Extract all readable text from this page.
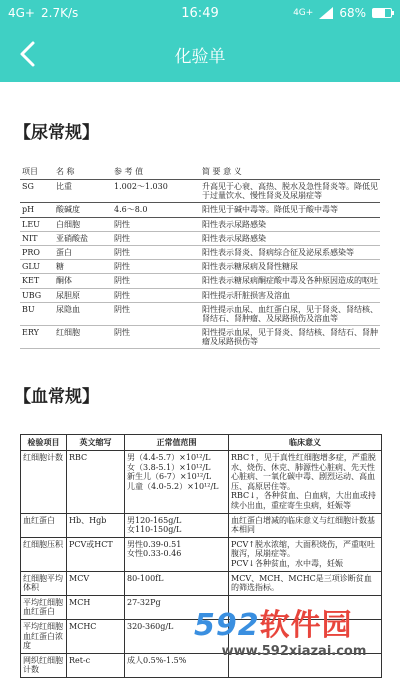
4G+ 2.7K/s	16:49	4G+ 68%
化验单
【尿常规】
项目	名 称	参 考 值	简 要 意 义
SG	比重	1.002～1.030	升高见于心衰、高热、脱水及急性肾炎等。降低见于过量饮水、慢性肾炎及尿崩症等
pH	酸碱度	4.6～8.0	阳性见于碱中毒等。降低见于酸中毒等
LEU	白细胞	阴性	阳性表示尿路感染
NIT	亚硝酸盐	阴性	阳性表示尿路感染
PRO	蛋白	阴性	阳性表示肾炎、肾病综合征及泌尿系感染等
GLU	糖	阴性	阳性表示糖尿病及肾性糖尿
KET	酮体	阴性	阳性表示糖尿病酮症酸中毒及各种原因造成的呕吐
UBG	尿胆原	阴性	阳性提示肝脏损害及溶血
BU	尿隐血	阴性	阳性提示血尿、血红蛋白尿，见于肾炎、肾结核、肾结石、肾肿瘤、及尿路损伤及溶血等
ERY	红细胞	阴性	阳性提示血尿，见于肾炎、肾结核、肾结石、肾肿瘤及尿路损伤等
【血常规】
检验项目	英文缩写	正常值范围	临床意义
红细胞计数	RBC	男（4.4-5.7）×10¹²/L
女（3.8-5.1）×10¹²/L
新生儿（6-7）×10¹²/L
儿童（4.0-5.2）×10¹²/L	RBC↑，见于真性红细胞增多症，严重脱水、烧伤、休克、肺源性心脏病、先天性心脏病、一氧化碳中毒、剧烈运动、高血压、高原居住等。
RBC↓，各种贫血、白血病，大出血或持续小出血，重症寄生虫病，妊娠等
血红蛋白	Hb、Hgb	男120-165g/L
女110-150g/L	血红蛋白增减的临床意义与红细胞计数基本相同
红细胞压积	PCV或HCT	男性0.39-0.51
女性0.33-0.46	PCV↑脱水浓缩，大面积烧伤，严重呕吐腹泻，尿崩症等。
PCV↓各种贫血，水中毒，妊娠
红细胞平均体积	MCV	80-100fL	MCV、MCH、MCHC是三项诊断贫血的筛选指标。
平均红细胞血红蛋白	MCH	27-32Pg	
平均红细胞血红蛋白浓度	MCHC	320-360g/L	
网织红细胞计数	Ret-c	成人0.5%-1.5%	
592软件园
www.592xiazai.com
